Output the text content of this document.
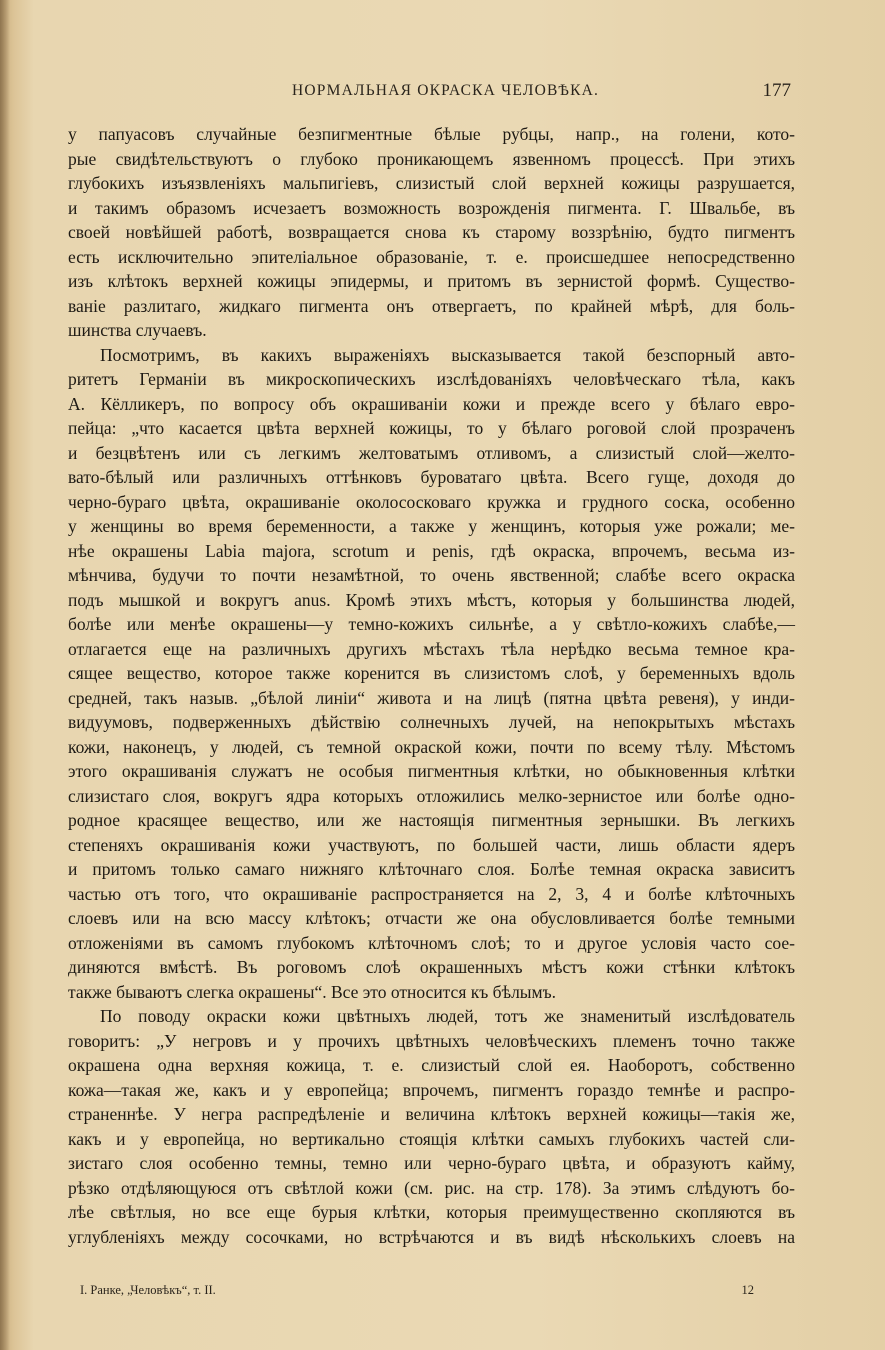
НОРМАЛЬНАЯ ОКРАСКА ЧЕЛОВѢКА.	177
у папуасовъ случайные безпигментные бѣлые рубцы, напр., на голени, кото-
рые свидѣтельствуютъ о глубоко проникающемъ язвенномъ процессѣ. При этихъ
глубокихъ изъязвленіяхъ мальпигіевъ, слизистый слой верхней кожицы разрушается,
и такимъ образомъ исчезаетъ возможность возрожденія пигмента. Г. Швальбе, въ
своей новѣйшей работѣ, возвращается снова къ старому воззрѣнію, будто пигментъ
есть исключительно эпителіальное образованіе, т. е. происшедшее непосредственно
изъ клѣтокъ верхней кожицы эпидермы, и притомъ въ зернистой формѣ. Существо-
ваніе разлитаго, жидкаго пигмента онъ отвергаетъ, по крайней мѣрѣ, для боль-
шинства случаевъ.
Посмотримъ, въ какихъ выраженіяхъ высказывается такой безспорный авто-
ритетъ Германіи въ микроскопическихъ изслѣдованіяхъ человѣческаго тѣла, какъ
А. Кёлликеръ, по вопросу объ окрашиваніи кожи и прежде всего у бѣлаго евро-
пейца: „что касается цвѣта верхней кожицы, то у бѣлаго роговой слой прозраченъ
и безцвѣтенъ или съ легкимъ желтоватымъ отливомъ, а слизистый слой—желто-
вато-бѣлый или различныхъ оттѣнковъ буроватаго цвѣта. Всего гуще, доходя до
черно-бураго цвѣта, окрашиваніе околососковаго кружка и грудного соска, особенно
у женщины во время беременности, а также у женщинъ, которыя уже рожали; ме-
нѣе окрашены Labia majora, scrotum и penis, гдѣ окраска, впрочемъ, весьма из-
мѣнчива, будучи то почти незамѣтной, то очень явственной; слабѣе всего окраска
подъ мышкой и вокругъ anus. Кромѣ этихъ мѣстъ, которыя у большинства людей,
болѣе или менѣе окрашены—у темно-кожихъ сильнѣе, а у свѣтло-кожихъ слабѣе,—
отлагается еще на различныхъ другихъ мѣстахъ тѣла нерѣдко весьма темное кра-
сящее вещество, которое также коренится въ слизистомъ слоѣ, у беременныхъ вдоль
средней, такъ назыв. „бѣлой линіи“ живота и на лицѣ (пятна цвѣта ревеня), у инди-
видуумовъ, подверженныхъ дѣйствію солнечныхъ лучей, на непокрытыхъ мѣстахъ
кожи, наконецъ, у людей, съ темной окраской кожи, почти по всему тѣлу. Мѣстомъ
этого окрашиванія служатъ не особыя пигментныя клѣтки, но обыкновенныя клѣтки
слизистаго слоя, вокругъ ядра которыхъ отложились мелко-зернистое или болѣе одно-
родное красящее вещество, или же настоящія пигментныя зернышки. Въ легкихъ
степеняхъ окрашиванія кожи участвуютъ, по большей части, лишь области ядеръ
и притомъ только самаго нижняго клѣточнаго слоя. Болѣе темная окраска зависитъ
частью отъ того, что окрашиваніе распространяется на 2, 3, 4 и болѣе клѣточныхъ
слоевъ или на всю массу клѣтокъ; отчасти же она обусловливается болѣе темными
отложеніями въ самомъ глубокомъ клѣточномъ слоѣ; то и другое условія часто сое-
диняются вмѣстѣ. Въ роговомъ слоѣ окрашенныхъ мѣстъ кожи стѣнки клѣтокъ
также бываютъ слегка окрашены“. Все это относится къ бѣлымъ.
По поводу окраски кожи цвѣтныхъ людей, тотъ же знаменитый изслѣдователь
говоритъ: „У негровъ и у прочихъ цвѣтныхъ человѣческихъ племенъ точно также
окрашена одна верхняя кожица, т. е. слизистый слой ея. Наоборотъ, собственно
кожа—такая же, какъ и у европейца; впрочемъ, пигментъ гораздо темнѣе и распро-
страненнѣе. У негра распредѣленіе и величина клѣтокъ верхней кожицы—такія же,
какъ и у европейца, но вертикально стоящія клѣтки самыхъ глубокихъ частей сли-
зистаго слоя особенно темны, темно или черно-бураго цвѣта, и образуютъ кайму,
рѣзко отдѣляющуюся отъ свѣтлой кожи (см. рис. на стр. 178). За этимъ слѣдуютъ бо-
лѣе свѣтлыя, но все еще бурыя клѣтки, которыя преимущественно скопляются въ
углубленіяхъ между сосочками, но встрѣчаются и въ видѣ нѣсколькихъ слоевъ на
I. Ранке, „Человѣкъ“, т. II.	12
